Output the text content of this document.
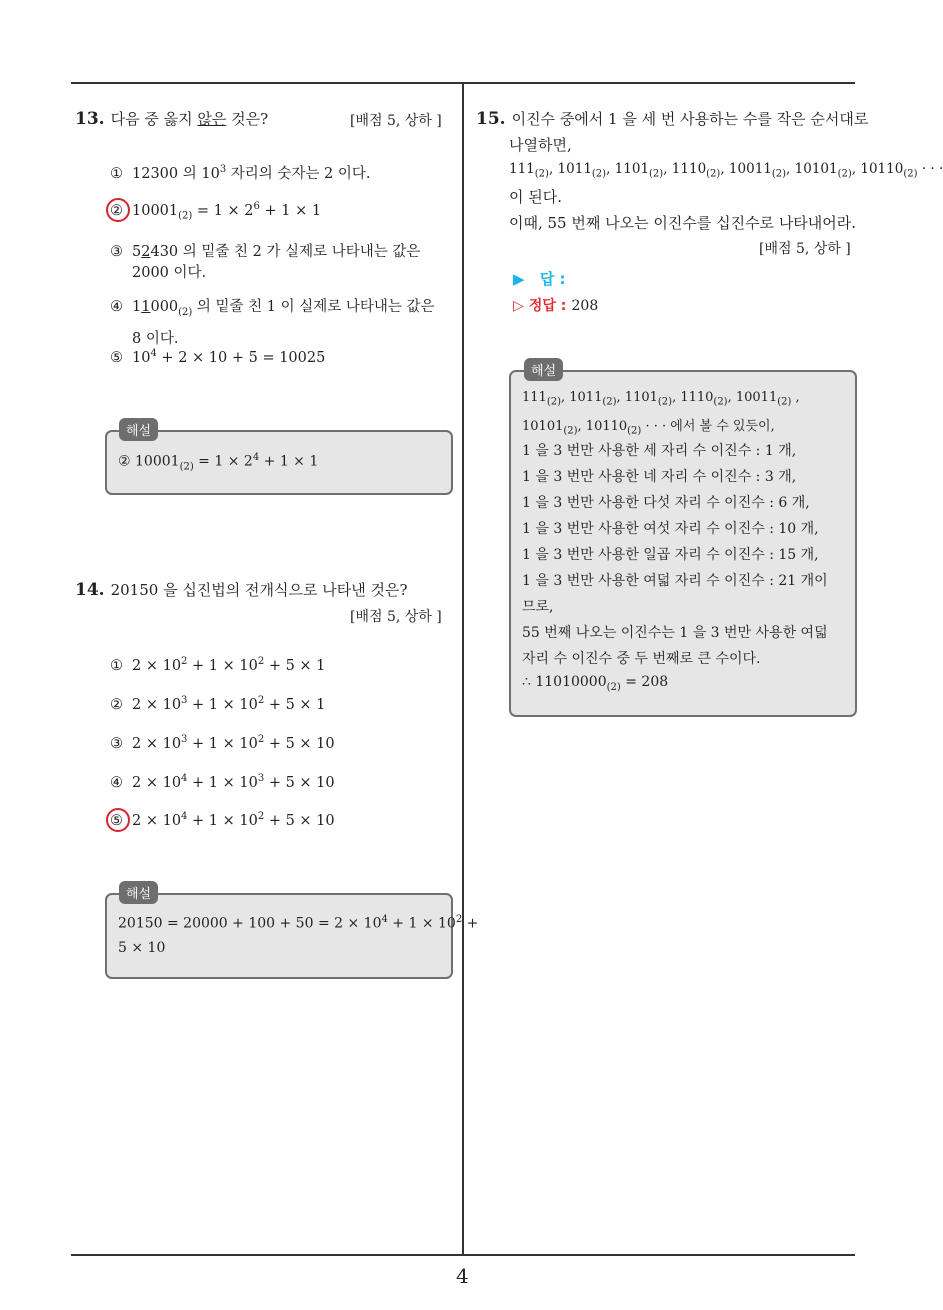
4
13. 다음 중 옳지 않은 것은?	[배점 5, 상하 ]
① 12300 의 $10^3$ 자리의 숫자는 2 이다.
② $10001_{(2)} = 1 \times 2^6 + 1 \times 1$
③ 52430 의 밑줄 친 2 가 실제로 나타내는 값은
2000 이다.
④ $11000_{(2)}$ 의 밑줄 친 1 이 실제로 나타내는 값은
8 이다.
⑤ $10^4 + 2 \times 10 + 5 = 10025$
해설
② $10001_{(2)} = 1 \times 2^4 + 1 \times 1$
14. 20150 을 십진법의 전개식으로 나타낸 것은?
[배점 5, 상하 ]
① $2 \times 10^2 + 1 \times 10^2 + 5 \times 1$
② $2 \times 10^3 + 1 \times 10^2 + 5 \times 1$
③ $2 \times 10^3 + 1 \times 10^2 + 5 \times 10$
④ $2 \times 10^4 + 1 \times 10^3 + 5 \times 10$
⑤ $2 \times 10^4 + 1 \times 10^2 + 5 \times 10$
해설
$20150 = 20000 + 100 + 50 = 2 \times 10^4 + 1 \times 10^2$ +
5 × 10
15. 이진수 중에서 1 을 세 번 사용하는 수를 작은 순서대로
나열하면,
$111_{(2)}$, $1011_{(2)}$, $1101_{(2)}$, $1110_{(2)}$, $10011_{(2)}$, $10101_{(2)}$, $10110_{(2)}$ · · ·
이 된다.
이때, 55 번째 나오는 이진수를 십진수로 나타내어라.
[배점 5, 상하 ]
▶ 답 :
▷ 정답 : 208
해설
$111_{(2)}$, $1011_{(2)}$, $1101_{(2)}$, $1110_{(2)}$, $10011_{(2)}$ ,
$10101_{(2)}$, $10110_{(2)}$ · · · 에서 볼 수 있듯이,
1 을 3 번만 사용한 세 자리 수 이진수 : 1 개,
1 을 3 번만 사용한 네 자리 수 이진수 : 3 개,
1 을 3 번만 사용한 다섯 자리 수 이진수 : 6 개,
1 을 3 번만 사용한 여섯 자리 수 이진수 : 10 개,
1 을 3 번만 사용한 일곱 자리 수 이진수 : 15 개,
1 을 3 번만 사용한 여덟 자리 수 이진수 : 21 개이
므로,
55 번째 나오는 이진수는 1 을 3 번만 사용한 여덟
자리 수 이진수 중 두 번째로 큰 수이다.
∴ $11010000_{(2)} = 208$
